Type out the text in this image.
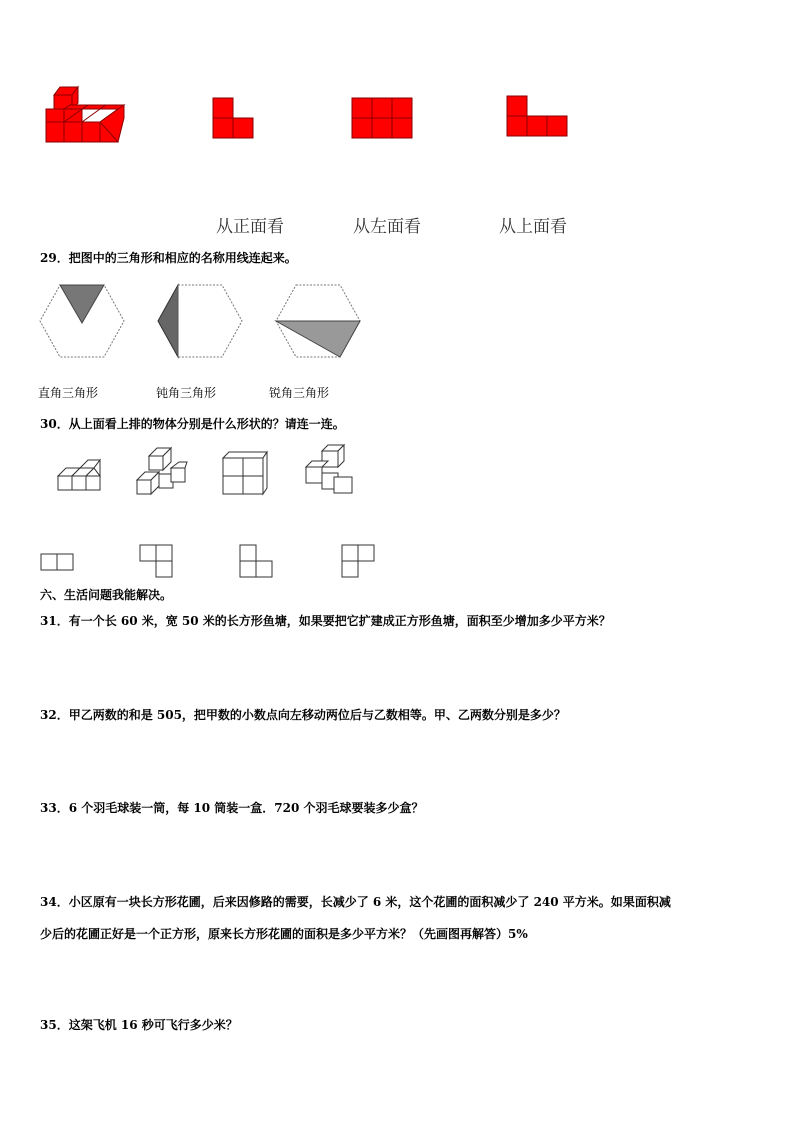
从正面看	从左面看	从上面看
29．把图中的三角形和相应的名称用线连起来。
直角三角形	钝角三角形	锐角三角形
30．从上面看上排的物体分别是什么形状的？请连一连。
六、生活问题我能解决。
31．有一个长 60 米，宽 50 米的长方形鱼塘，如果要把它扩建成正方形鱼塘，面积至少增加多少平方米？
32．甲乙两数的和是 505，把甲数的小数点向左移动两位后与乙数相等。甲、乙两数分别是多少？
33．6 个羽毛球装一筒，每 10 筒装一盒．720 个羽毛球要装多少盒？
34．小区原有一块长方形花圃，后来因修路的需要，长减少了 6 米，这个花圃的面积减少了 240 平方米。如果面积减
少后的花圃正好是一个正方形，原来长方形花圃的面积是多少平方米？（先画图再解答）5%
35．这架飞机 16 秒可飞行多少米？
